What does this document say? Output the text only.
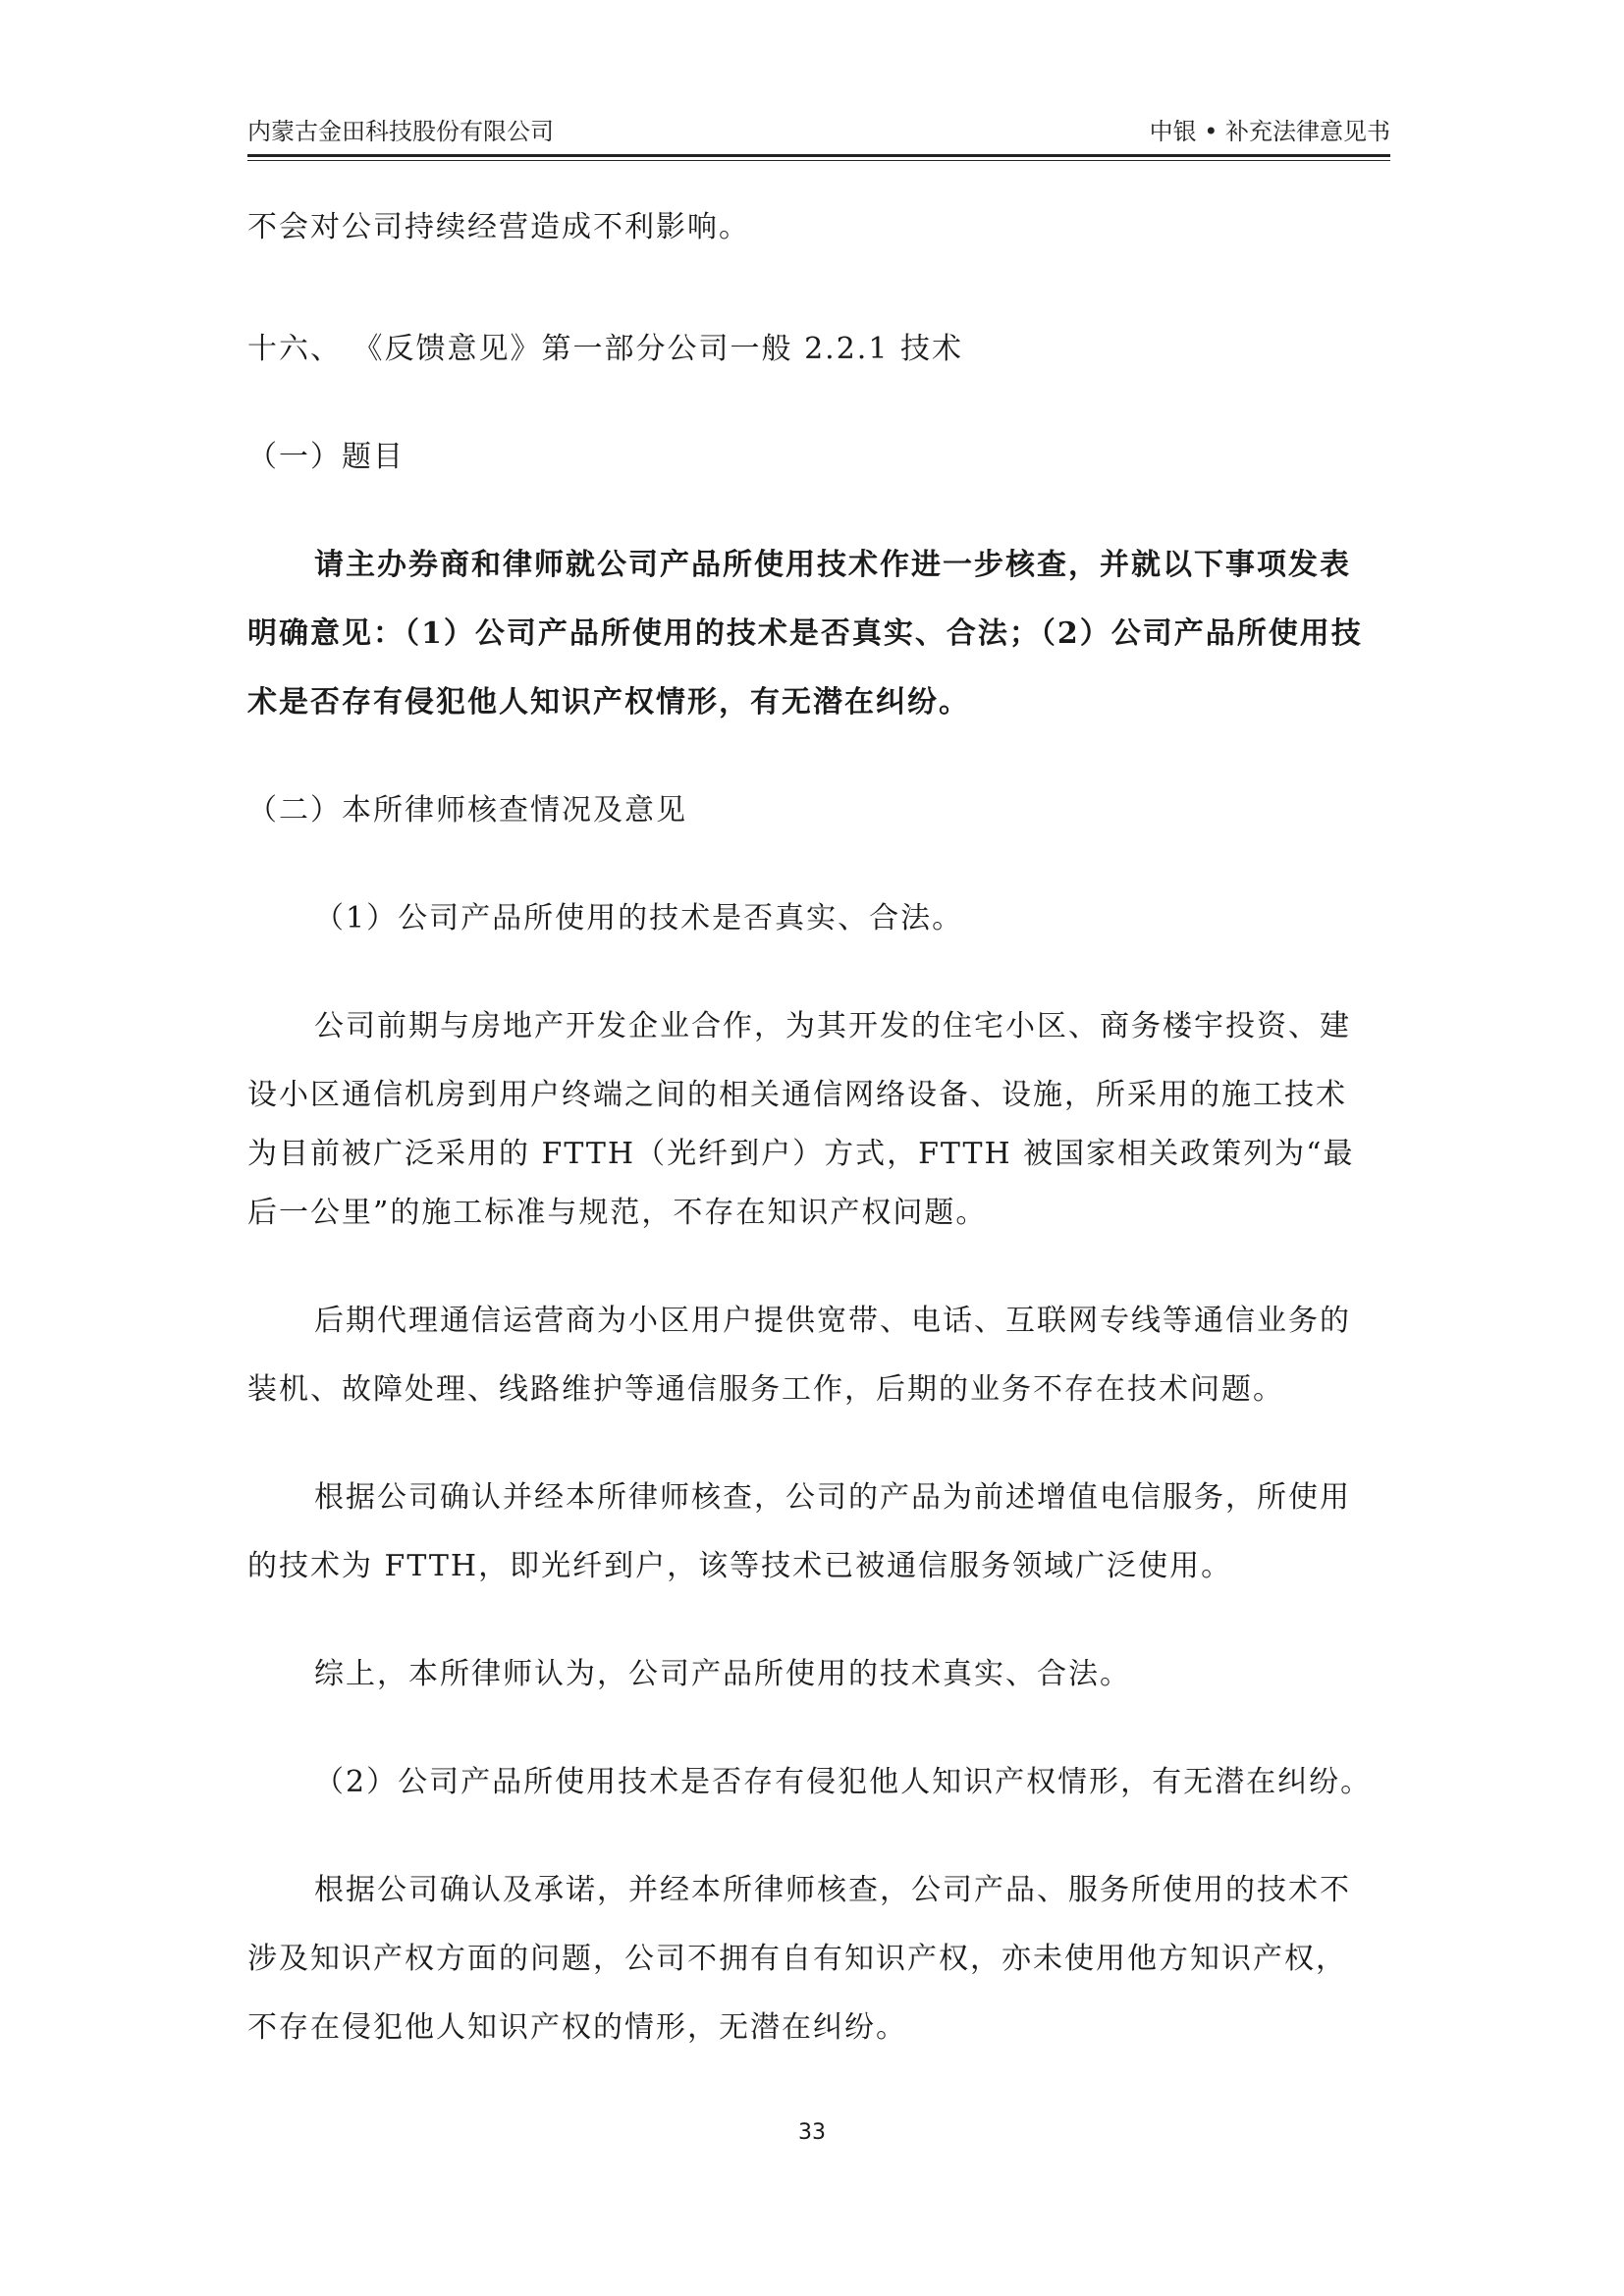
内蒙古金田科技股份有限公司	中银 • 补充法律意见书

不会对公司持续经营造成不利影响。

十六、 《反馈意见》第一部分公司一般 2.2.1 技术

（一）题目

请主办券商和律师就公司产品所使用技术作进一步核查，并就以下事项发表

明确意见：（1）公司产品所使用的技术是否真实、合法；（2）公司产品所使用技

术是否存有侵犯他人知识产权情形，有无潜在纠纷。

（二）本所律师核查情况及意见

（1）公司产品所使用的技术是否真实、合法。

公司前期与房地产开发企业合作，为其开发的住宅小区、商务楼宇投资、建

设小区通信机房到用户终端之间的相关通信网络设备、设施，所采用的施工技术

为目前被广泛采用的 FTTH（光纤到户）方式，FTTH 被国家相关政策列为“最

后一公里”的施工标准与规范，不存在知识产权问题。

后期代理通信运营商为小区用户提供宽带、电话、互联网专线等通信业务的

装机、故障处理、线路维护等通信服务工作，后期的业务不存在技术问题。

根据公司确认并经本所律师核查，公司的产品为前述增值电信服务，所使用

的技术为 FTTH，即光纤到户，该等技术已被通信服务领域广泛使用。

综上，本所律师认为，公司产品所使用的技术真实、合法。

（2）公司产品所使用技术是否存有侵犯他人知识产权情形，有无潜在纠纷。

根据公司确认及承诺，并经本所律师核查，公司产品、服务所使用的技术不

涉及知识产权方面的问题，公司不拥有自有知识产权，亦未使用他方知识产权，

不存在侵犯他人知识产权的情形，无潜在纠纷。

33
